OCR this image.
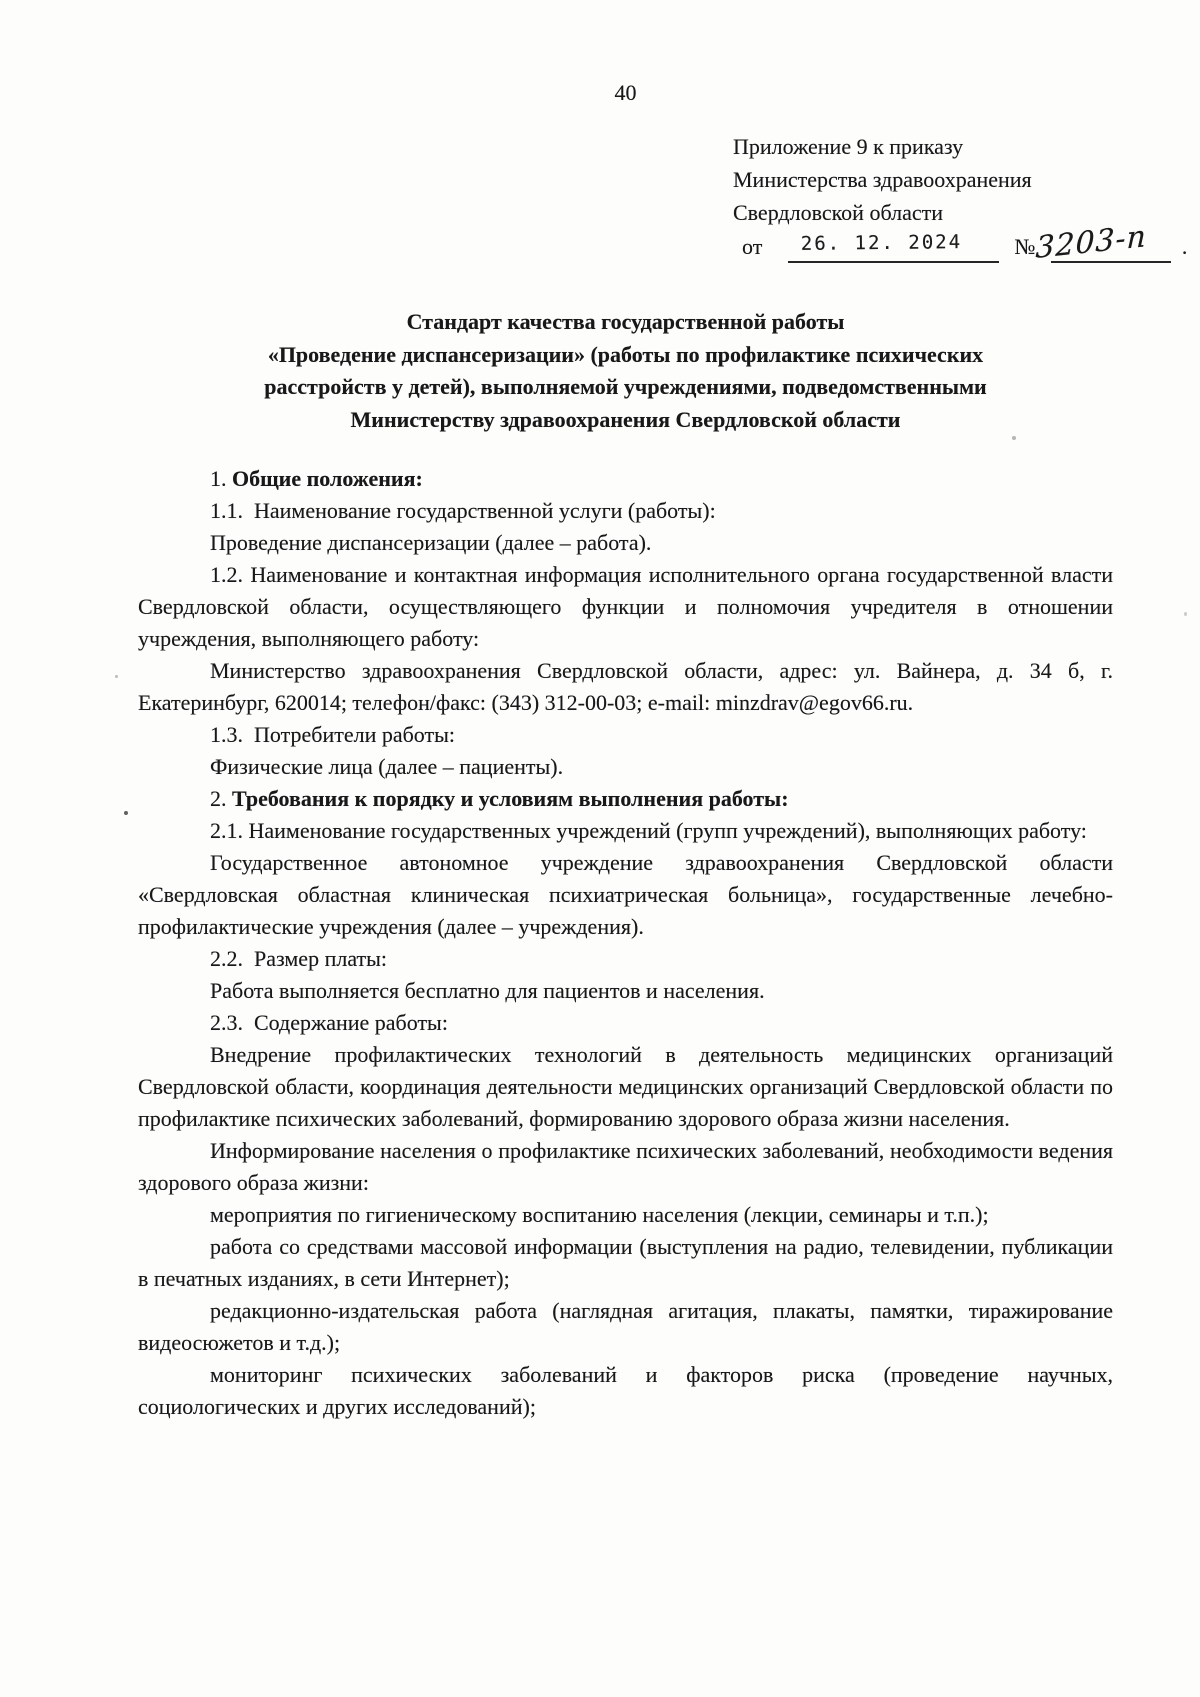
40
Приложение 9 к приказу
Министерства здравоохранения
Свердловской области
от	26. 12. 2024	№ 3203-п .
Стандарт качества государственной работы
«Проведение диспансеризации» (работы по профилактике психических
расстройств у детей), выполняемой учреждениями, подведомственными
Министерству здравоохранения Свердловской области

1. Общие положения:

1.1.  Наименование государственной услуги (работы):

Проведение диспансеризации (далее – работа).

1.2. Наименование и контактная информация исполнительного органа государственной власти Свердловской области, осуществляющего функции и полномочия учредителя в отношении учреждения, выполняющего работу:

Министерство здравоохранения Свердловской области, адрес: ул. Вайнера, д. 34 б, г. Екатеринбург, 620014; телефон/факс: (343) 312-00-03; e-mail: minzdrav@egov66.ru.

1.3.  Потребители работы:

Физические лица (далее – пациенты).

2. Требования к порядку и условиям выполнения работы:

2.1. Наименование государственных учреждений (групп учреждений), выполняющих работу:

Государственное автономное учреждение здравоохранения Свердловской области «Свердловская областная клиническая психиатрическая больница», государственные лечебно-профилактические учреждения (далее – учреждения).

2.2.  Размер платы:

Работа выполняется бесплатно для пациентов и населения.

2.3.  Содержание работы:

Внедрение профилактических технологий в деятельность медицинских организаций Свердловской области, координация деятельности медицинских организаций Свердловской области по профилактике психических заболеваний, формированию здорового образа жизни населения.

Информирование населения о профилактике психических заболеваний, необходимости ведения здорового образа жизни:

мероприятия по гигиеническому воспитанию населения (лекции, семинары и т.п.);

работа со средствами массовой информации (выступления на радио, телевидении, публикации в печатных изданиях, в сети Интернет);

редакционно-издательская работа (наглядная агитация, плакаты, памятки, тиражирование видеосюжетов и т.д.);

мониторинг психических заболеваний и факторов риска (проведение научных, социологических и других исследований);
